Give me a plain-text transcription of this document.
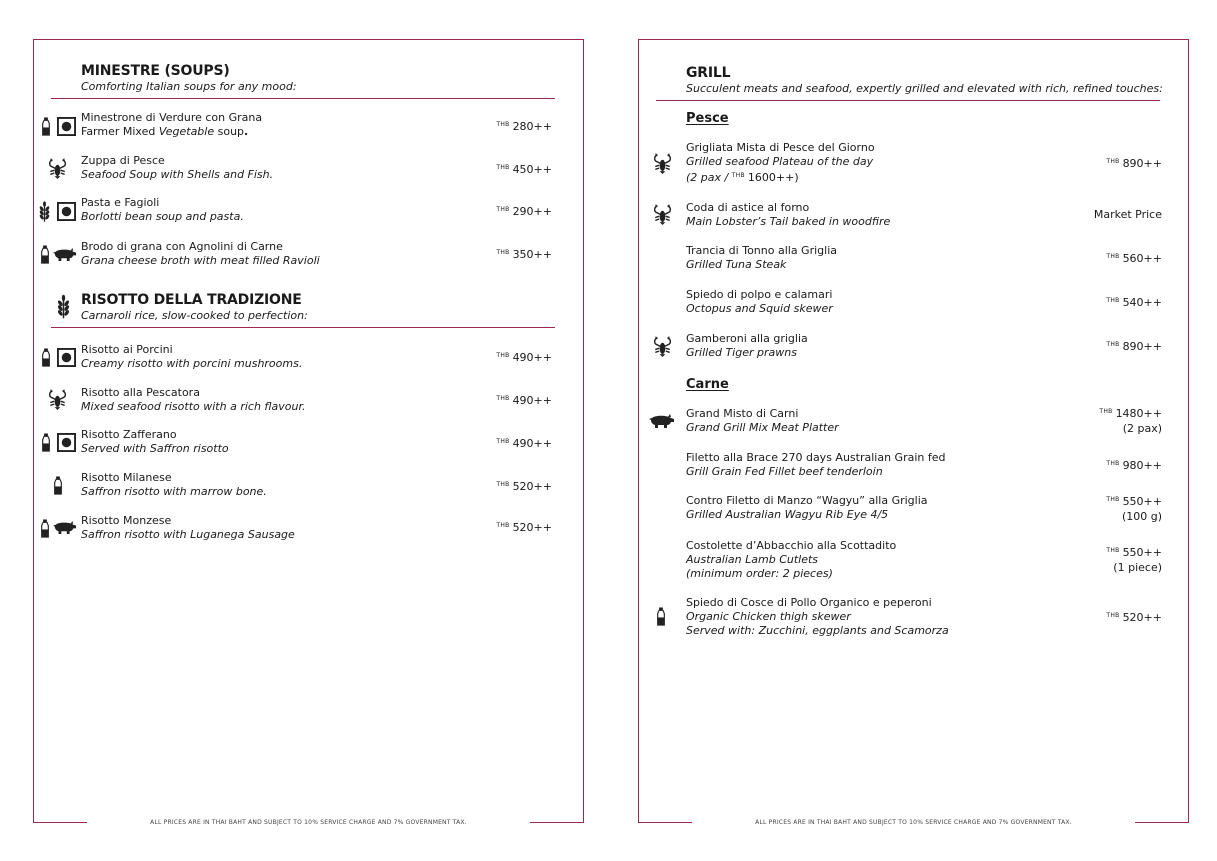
MINESTRE (SOUPS)
Comforting Italian soups for any mood:
Minestrone di Verdure con Grana
Farmer Mixed Vegetable soup.
$^{THB}$ 280++
Zuppa di Pesce
Seafood Soup with Shells and Fish.
$^{THB}$ 450++
Pasta e Fagioli
Borlotti bean soup and pasta.
$^{THB}$ 290++
Brodo di grana con Agnolini di Carne
Grana cheese broth with meat filled Ravioli
$^{THB}$ 350++
RISOTTO DELLA TRADIZIONE
Carnaroli rice, slow-cooked to perfection:
Risotto ai Porcini
Creamy risotto with porcini mushrooms.
$^{THB}$ 490++
Risotto alla Pescatora
Mixed seafood risotto with a rich flavour.
$^{THB}$ 490++
Risotto Zafferano
Served with Saffron risotto
$^{THB}$ 490++
Risotto Milanese
Saffron risotto with marrow bone.
$^{THB}$ 520++
Risotto Monzese
Saffron risotto with Luganega Sausage
$^{THB}$ 520++
ALL PRICES ARE IN THAI BAHT AND SUBJECT TO 10% SERVICE CHARGE AND 7% GOVERNMENT TAX.
GRILL
Succulent meats and seafood, expertly grilled and elevated with rich, refined touches:
Pesce
Grigliata Mista di Pesce del Giorno
Grilled seafood Plateau of the day
(2 pax / $^{THB}$ 1600++)
$^{THB}$ 890++
Coda di astice al forno
Main Lobster’s Tail baked in woodfire
Market Price
Trancia di Tonno alla Griglia
Grilled Tuna Steak
$^{THB}$ 560++
Spiedo di polpo e calamari
Octopus and Squid skewer
$^{THB}$ 540++
Gamberoni alla griglia
Grilled Tiger prawns
$^{THB}$ 890++
Carne
Grand Misto di Carni
Grand Grill Mix Meat Platter
$^{THB}$ 1480++
(2 pax)
Filetto alla Brace 270 days Australian Grain fed
Grill Grain Fed Fillet beef tenderloin
$^{THB}$ 980++
Contro Filetto di Manzo “Wagyu” alla Griglia
Grilled Australian Wagyu Rib Eye 4/5
$^{THB}$ 550++
(100 g)
Costolette d’Abbacchio alla Scottadito
Australian Lamb Cutlets
(minimum order: 2 pieces)
$^{THB}$ 550++
(1 piece)
Spiedo di Cosce di Pollo Organico e peperoni
Organic Chicken thigh skewer
Served with: Zucchini, eggplants and Scamorza
$^{THB}$ 520++
ALL PRICES ARE IN THAI BAHT AND SUBJECT TO 10% SERVICE CHARGE AND 7% GOVERNMENT TAX.
